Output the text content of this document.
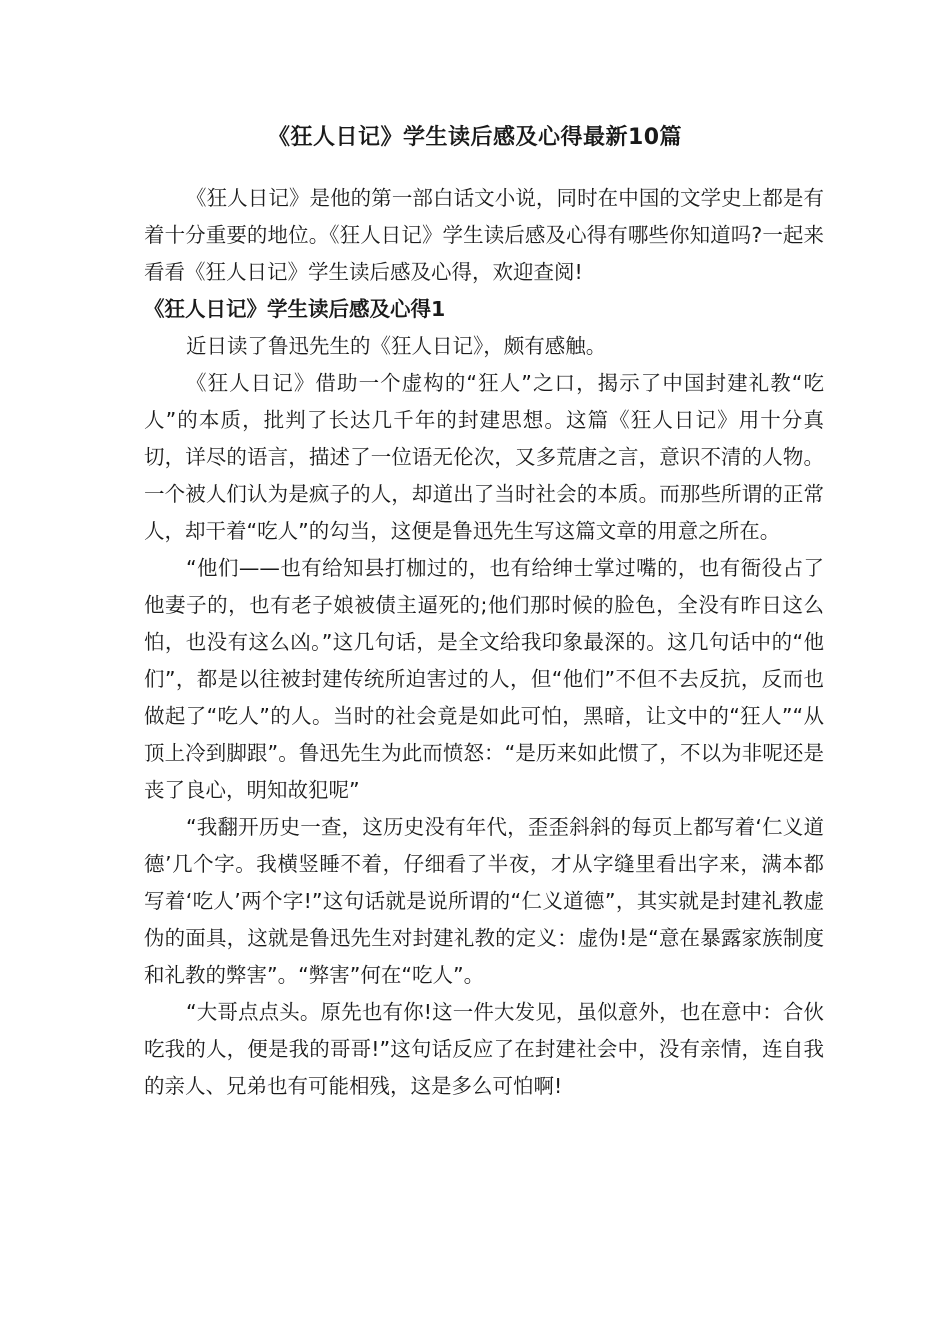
《狂人日记》学生读后感及心得最新10篇

《狂人日记》是他的第一部白话文小说，同时在中国的文学史上都是有着十分重要的地位。《狂人日记》学生读后感及心得有哪些你知道吗?一起来看看《狂人日记》学生读后感及心得，欢迎查阅!

《狂人日记》学生读后感及心得1

近日读了鲁迅先生的《狂人日记》，颇有感触。

《狂人日记》借助一个虚构的“狂人”之口，揭示了中国封建礼教“吃人”的本质，批判了长达几千年的封建思想。这篇《狂人日记》用十分真切，详尽的语言，描述了一位语无伦次，又多荒唐之言，意识不清的人物。一个被人们认为是疯子的人，却道出了当时社会的本质。而那些所谓的正常人，却干着“吃人”的勾当，这便是鲁迅先生写这篇文章的用意之所在。

“他们——也有给知县打枷过的，也有给绅士掌过嘴的，也有衙役占了他妻子的，也有老子娘被债主逼死的;他们那时候的脸色，全没有昨日这么怕，也没有这么凶。”这几句话，是全文给我印象最深的。这几句话中的“他们”，都是以往被封建传统所迫害过的人，但“他们”不但不去反抗，反而也做起了“吃人”的人。当时的社会竟是如此可怕，黑暗，让文中的“狂人”“从顶上冷到脚跟”。鲁迅先生为此而愤怒：“是历来如此惯了，不以为非呢还是丧了良心，明知故犯呢”

“我翻开历史一查，这历史没有年代，歪歪斜斜的每页上都写着‘仁义道德’几个字。我横竖睡不着，仔细看了半夜，才从字缝里看出字来，满本都写着‘吃人’两个字!”这句话就是说所谓的“仁义道德”，其实就是封建礼教虚伪的面具，这就是鲁迅先生对封建礼教的定义：虚伪!是“意在暴露家族制度和礼教的弊害”。“弊害”何在“吃人”。

“大哥点点头。原先也有你!这一件大发见，虽似意外，也在意中：合伙吃我的人，便是我的哥哥!”这句话反应了在封建社会中，没有亲情，连自我的亲人、兄弟也有可能相残，这是多么可怕啊!
